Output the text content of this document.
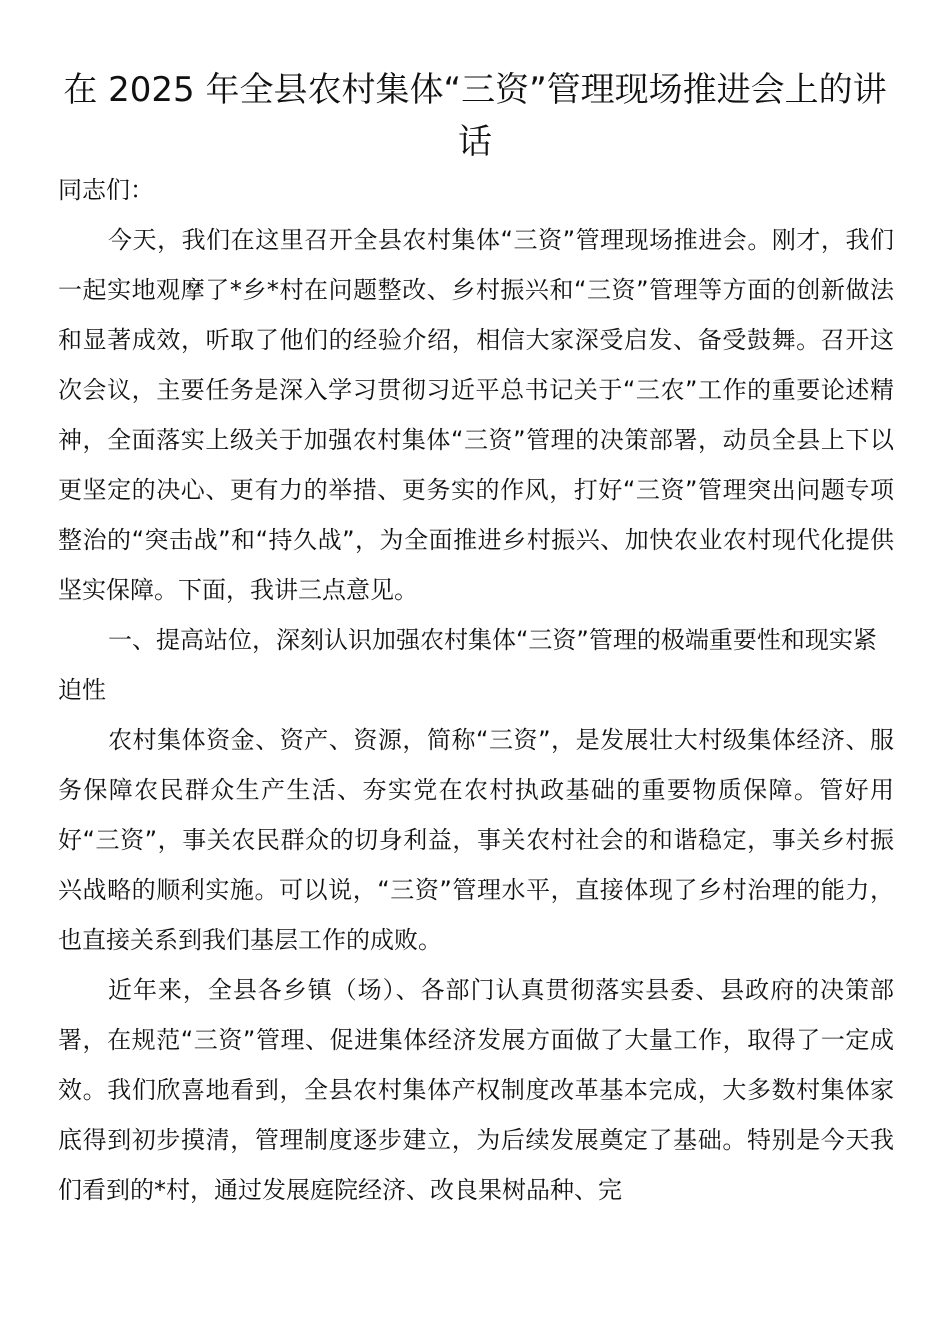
在 2025 年全县农村集体“三资”管理现场推进会上的讲话

同志们：

今天，我们在这里召开全县农村集体“三资”管理现场推进会。刚才，我们一起实地观摩了*乡*村在问题整改、乡村振兴和“三资”管理等方面的创新做法和显著成效，听取了他们的经验介绍，相信大家深受启发、备受鼓舞。召开这次会议，主要任务是深入学习贯彻习近平总书记关于“三农”工作的重要论述精神，全面落实上级关于加强农村集体“三资”管理的决策部署，动员全县上下以更坚定的决心、更有力的举措、更务实的作风，打好“三资”管理突出问题专项整治的“突击战”和“持久战”，为全面推进乡村振兴、加快农业农村现代化提供坚实保障。下面，我讲三点意见。

一、提高站位，深刻认识加强农村集体“三资”管理的极端重要性和现实紧迫性

农村集体资金、资产、资源，简称“三资”，是发展壮大村级集体经济、服务保障农民群众生产生活、夯实党在农村执政基础的重要物质保障。管好用好“三资”，事关农民群众的切身利益，事关农村社会的和谐稳定，事关乡村振兴战略的顺利实施。可以说，“三资”管理水平，直接体现了乡村治理的能力，也直接关系到我们基层工作的成败。

近年来，全县各乡镇（场）、各部门认真贯彻落实县委、县政府的决策部署，在规范“三资”管理、促进集体经济发展方面做了大量工作，取得了一定成效。我们欣喜地看到，全县农村集体产权制度改革基本完成，大多数村集体家底得到初步摸清，管理制度逐步建立，为后续发展奠定了基础。特别是今天我们看到的*村，通过发展庭院经济、改良果树品种、完
